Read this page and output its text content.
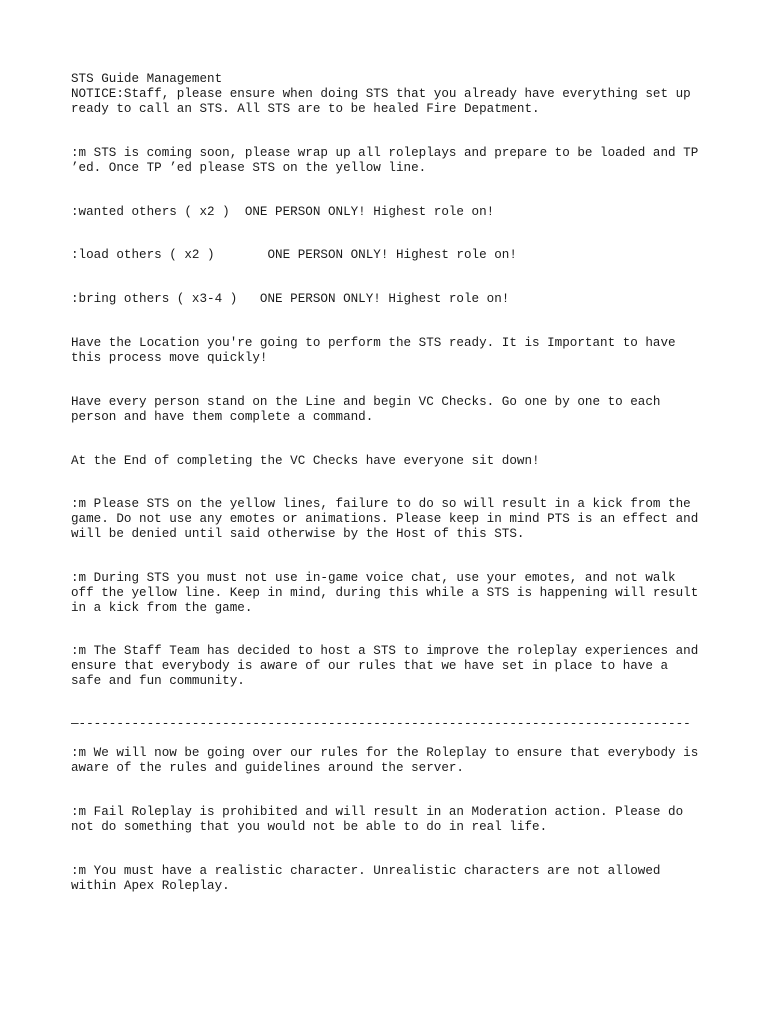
STS Guide Management

NOTICE:Staff, please ensure when doing STS that you already have everything set up
ready to call an STS. All STS are to be healed Fire Depatment.

:m STS is coming soon, please wrap up all roleplays and prepare to be loaded and TP
’ed. Once TP ’ed please STS on the yellow line.

:wanted others ( x2 )  ONE PERSON ONLY! Highest role on!

:load others ( x2 )       ONE PERSON ONLY! Highest role on!

:bring others ( x3-4 )   ONE PERSON ONLY! Highest role on!

Have the Location you're going to perform the STS ready. It is Important to have
this process move quickly!

Have every person stand on the Line and begin VC Checks. Go one by one to each
person and have them complete a command.

At the End of completing the VC Checks have everyone sit down!

:m Please STS on the yellow lines, failure to do so will result in a kick from the
game. Do not use any emotes or animations. Please keep in mind PTS is an effect and
will be denied until said otherwise by the Host of this STS.

:m During STS you must not use in-game voice chat, use your emotes, and not walk
off the yellow line. Keep in mind, during this while a STS is happening will result
in a kick from the game.

:m The Staff Team has decided to host a STS to improve the roleplay experiences and
ensure that everybody is aware of our rules that we have set in place to have a
safe and fun community.

—---------------------------------------------------------------------------------

:m We will now be going over our rules for the Roleplay to ensure that everybody is
aware of the rules and guidelines around the server.

:m Fail Roleplay is prohibited and will result in an Moderation action. Please do
not do something that you would not be able to do in real life.

:m You must have a realistic character. Unrealistic characters are not allowed
within Apex Roleplay.
